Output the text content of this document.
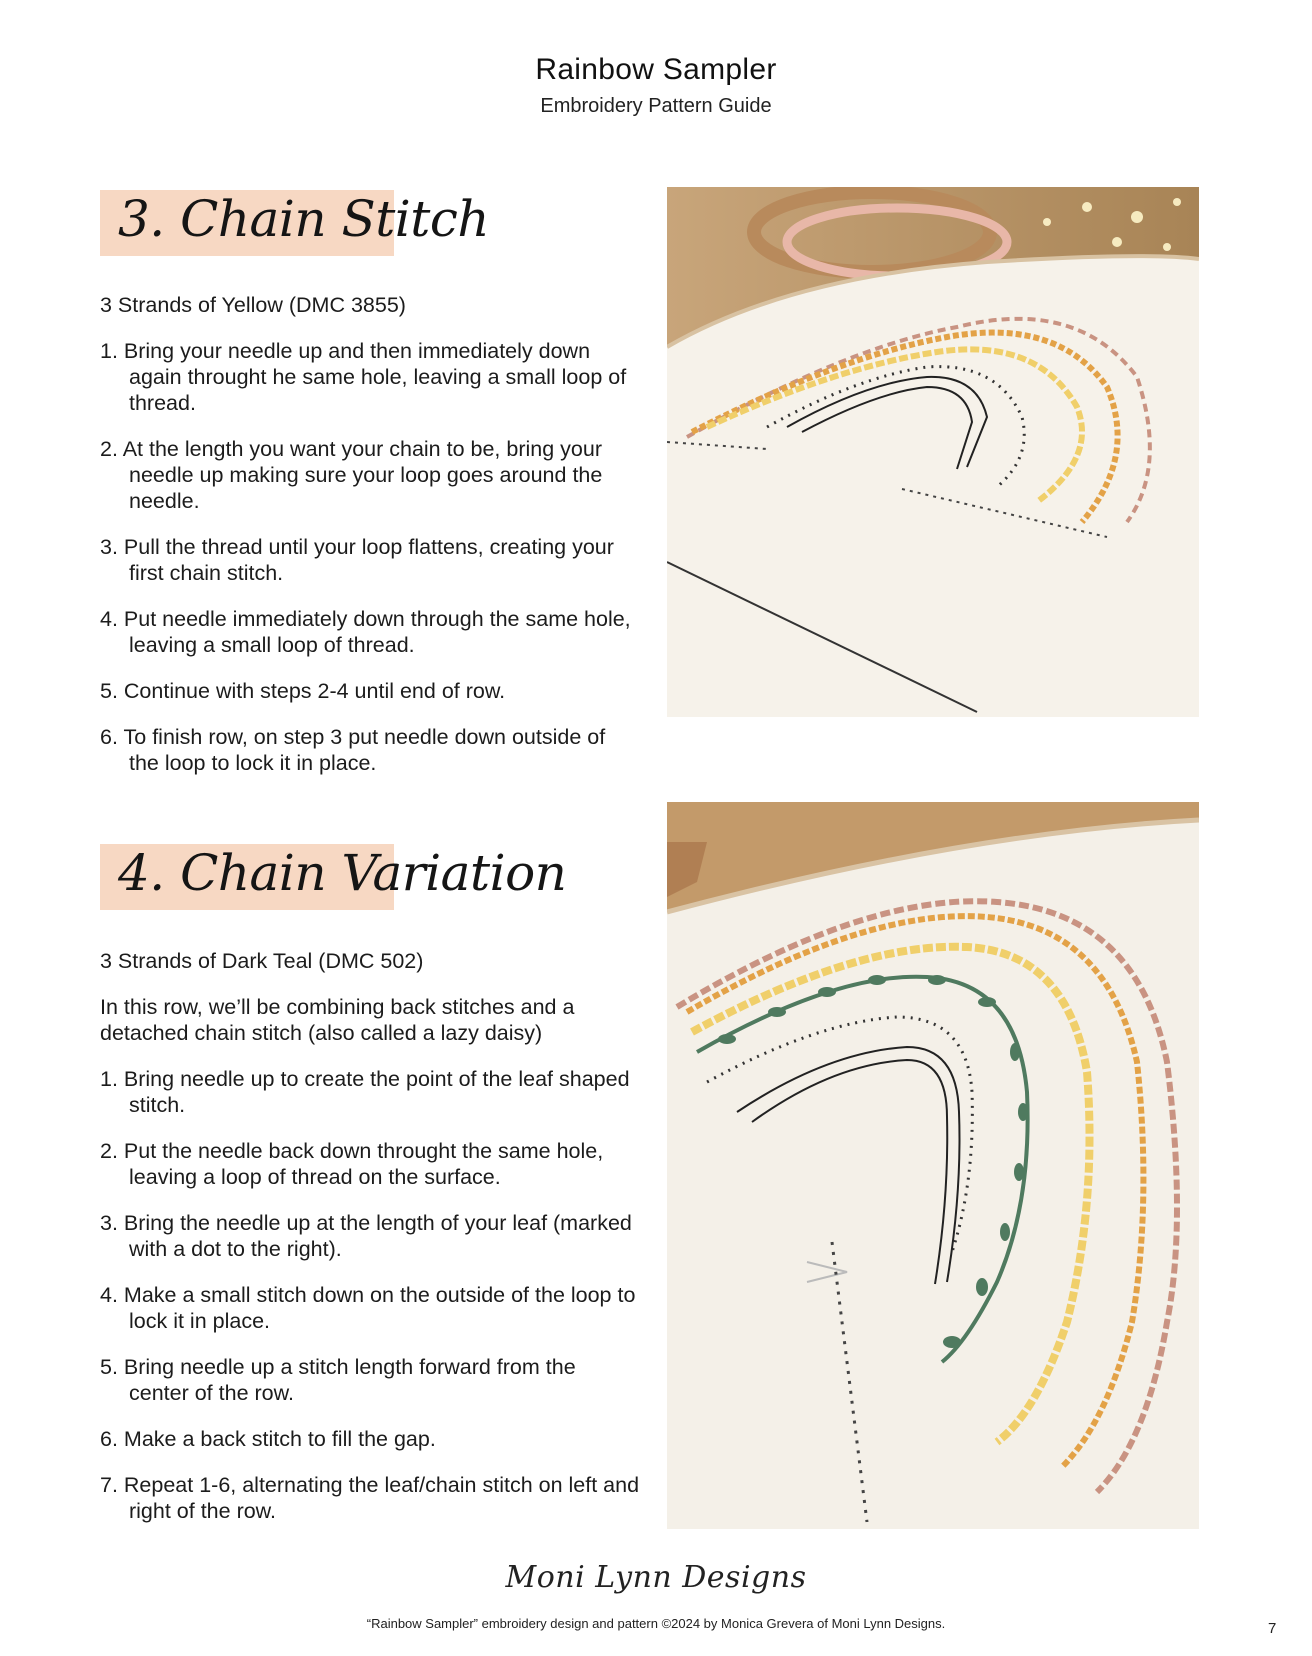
Rainbow Sampler
Embroidery Pattern Guide
3. Chain Stitch

3 Strands of Yellow (DMC 3855)

1. Bring your needle up and then immediately down again throught he same hole, leaving a small loop of thread.
2. At the length you want your chain to be, bring your needle up making sure your loop goes around the needle.
3. Pull the thread until your loop flattens, creating your first chain stitch.
4. Put needle immediately down through the same hole, leaving a small loop of thread.
5. Continue with steps 2-4 until end of row.
6. To finish row, on step 3 put needle down outside of the loop to lock it in place.
4. Chain Variation

3 Strands of Dark Teal (DMC 502)

In this row, we’ll be combining back stitches and a detached chain stitch (also called a lazy daisy)

1. Bring needle up to create the point of the leaf shaped stitch.
2. Put the needle back down throught the same hole, leaving a loop of thread on the surface.
3. Bring the needle up at the length of your leaf (marked with a dot to the right).
4. Make a small stitch down on the outside of the loop to lock it in place.
5. Bring needle up a stitch length forward from the center of the row.
6. Make a back stitch to fill the gap.
7. Repeat 1-6, alternating the leaf/chain stitch on left and right of the row.
Moni Lynn Designs
“Rainbow Sampler” embroidery design and pattern ©2024 by Monica Grevera of Moni Lynn Designs.	7
